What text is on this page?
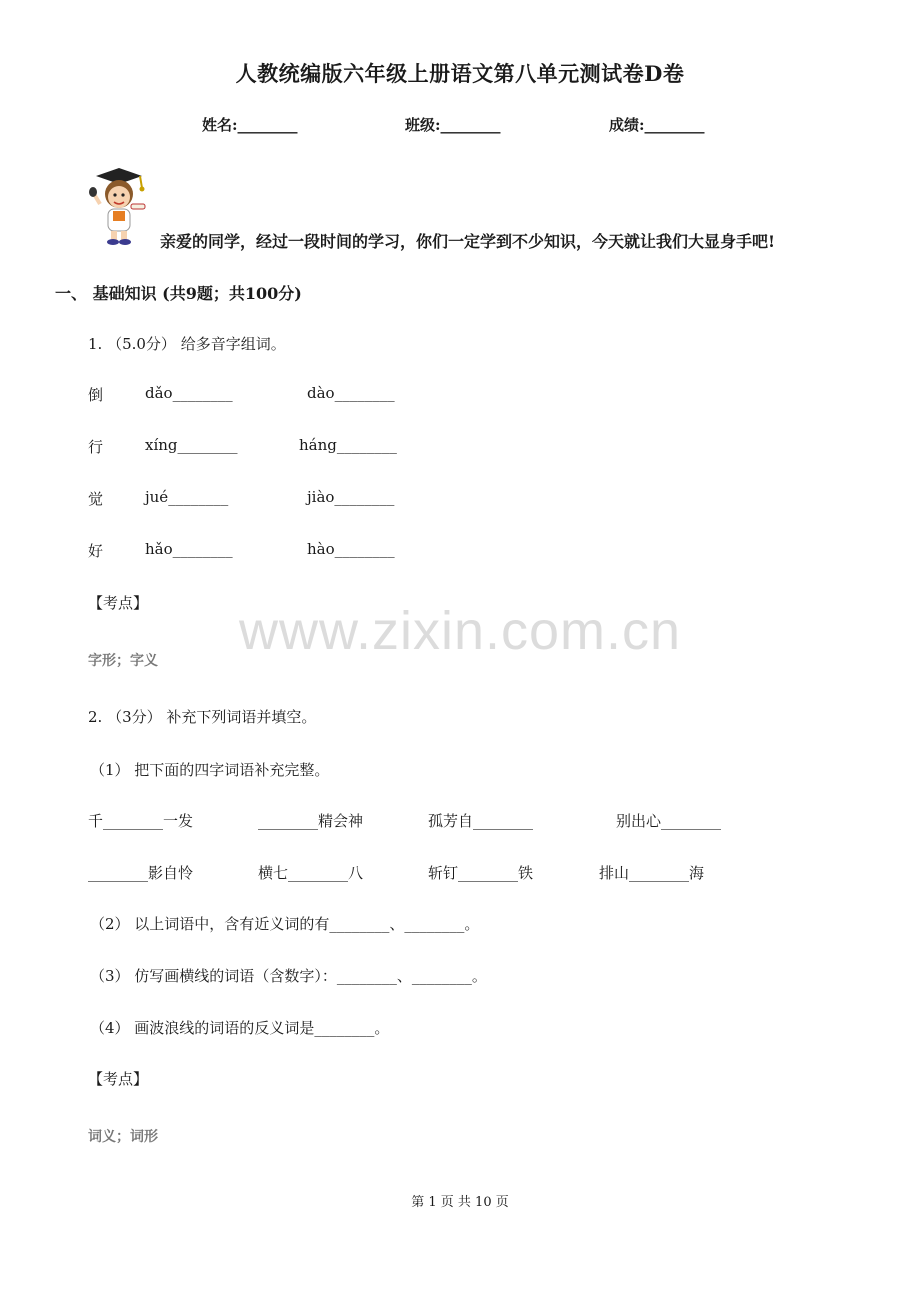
人教统编版六年级上册语文第八单元测试卷D卷
姓名:________	班级:________	成绩:________
亲爱的同学，经过一段时间的学习，你们一定学到不少知识，今天就让我们大显身手吧!
一、 基础知识 (共9题；共100分)
1. （5.0分） 给多音字组词。
倒	dǎo________	dào________
行	xíng________	háng________
觉	jué________	jiào________
好	hǎo________	hào________
【考点】	www.zixin.com.cn
字形；字义
2. （3分） 补充下列词语并填空。
（1） 把下面的四字词语补充完整。
千________一发	________精会神	孤芳自________	别出心________
________影自怜	横七________八	斩钉________铁	排山________海
（2） 以上词语中，含有近义词的有________、________。
（3） 仿写画横线的词语（含数字）：________、________。
（4） 画波浪线的词语的反义词是________。
【考点】
词义；词形
第 1 页 共 10 页
